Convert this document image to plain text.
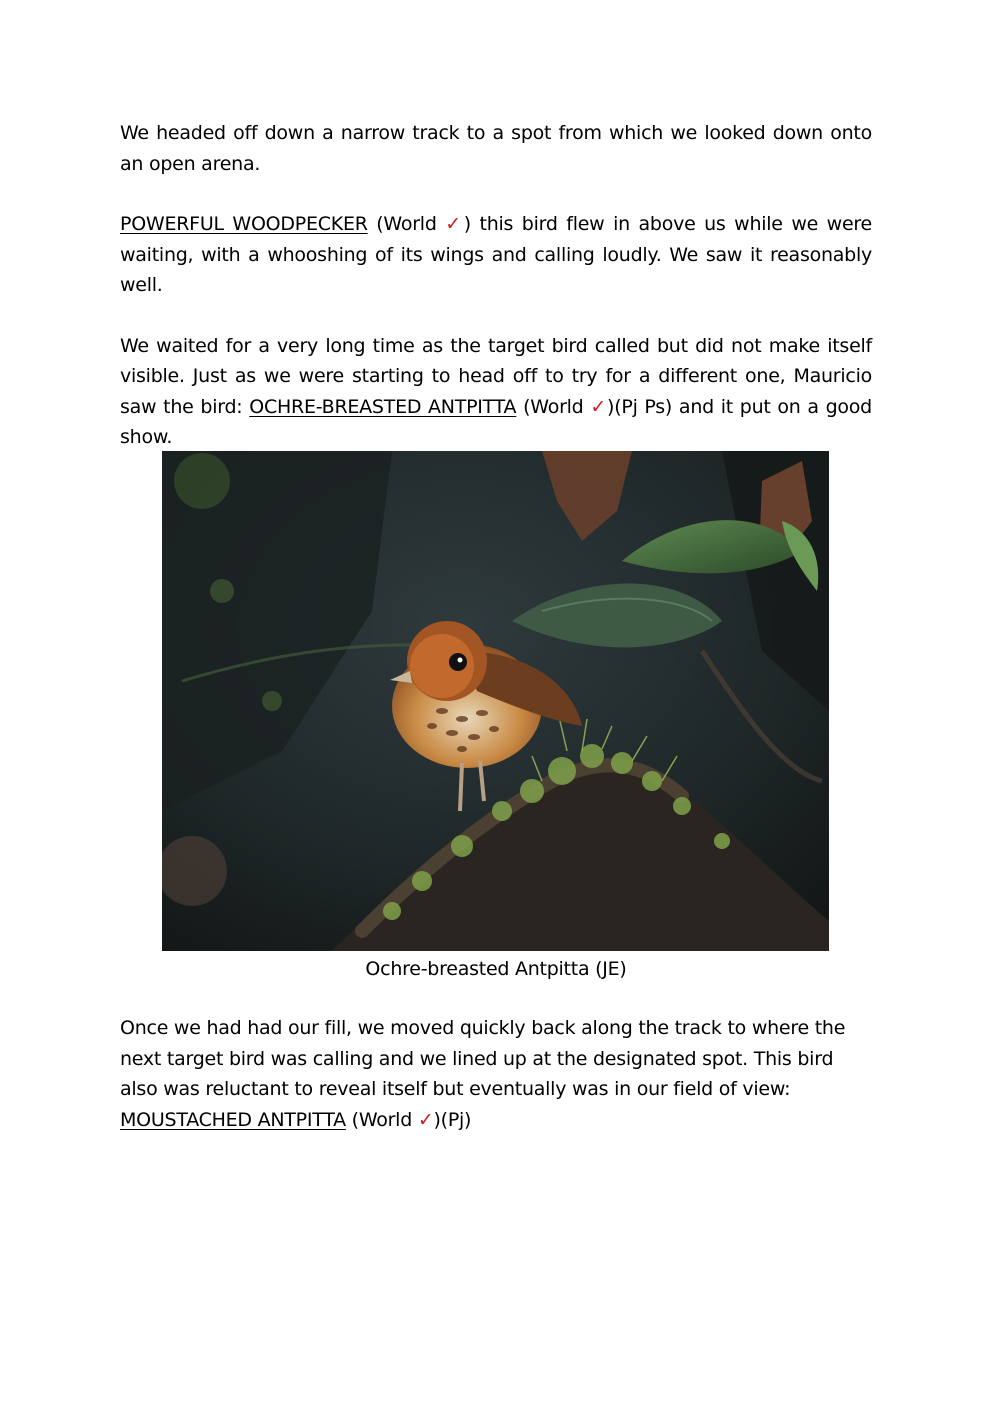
We headed off down a narrow track to a spot from which we looked down onto an open arena.

POWERFUL WOODPECKER (World ✓) this bird flew in above us while we were waiting, with a whooshing of its wings and calling loudly. We saw it reasonably well.

We waited for a very long time as the target bird called but did not make itself visible. Just as we were starting to head off to try for a different one, Mauricio saw the bird: OCHRE-BREASTED ANTPITTA (World ✓)(Pj Ps) and it put on a good show.

Ochre-breasted Antpitta (JE)

Once we had had our fill, we moved quickly back along the track to where the next target bird was calling and we lined up at the designated spot. This bird also was reluctant to reveal itself but eventually was in our field of view:
MOUSTACHED ANTPITTA (World ✓)(Pj)
